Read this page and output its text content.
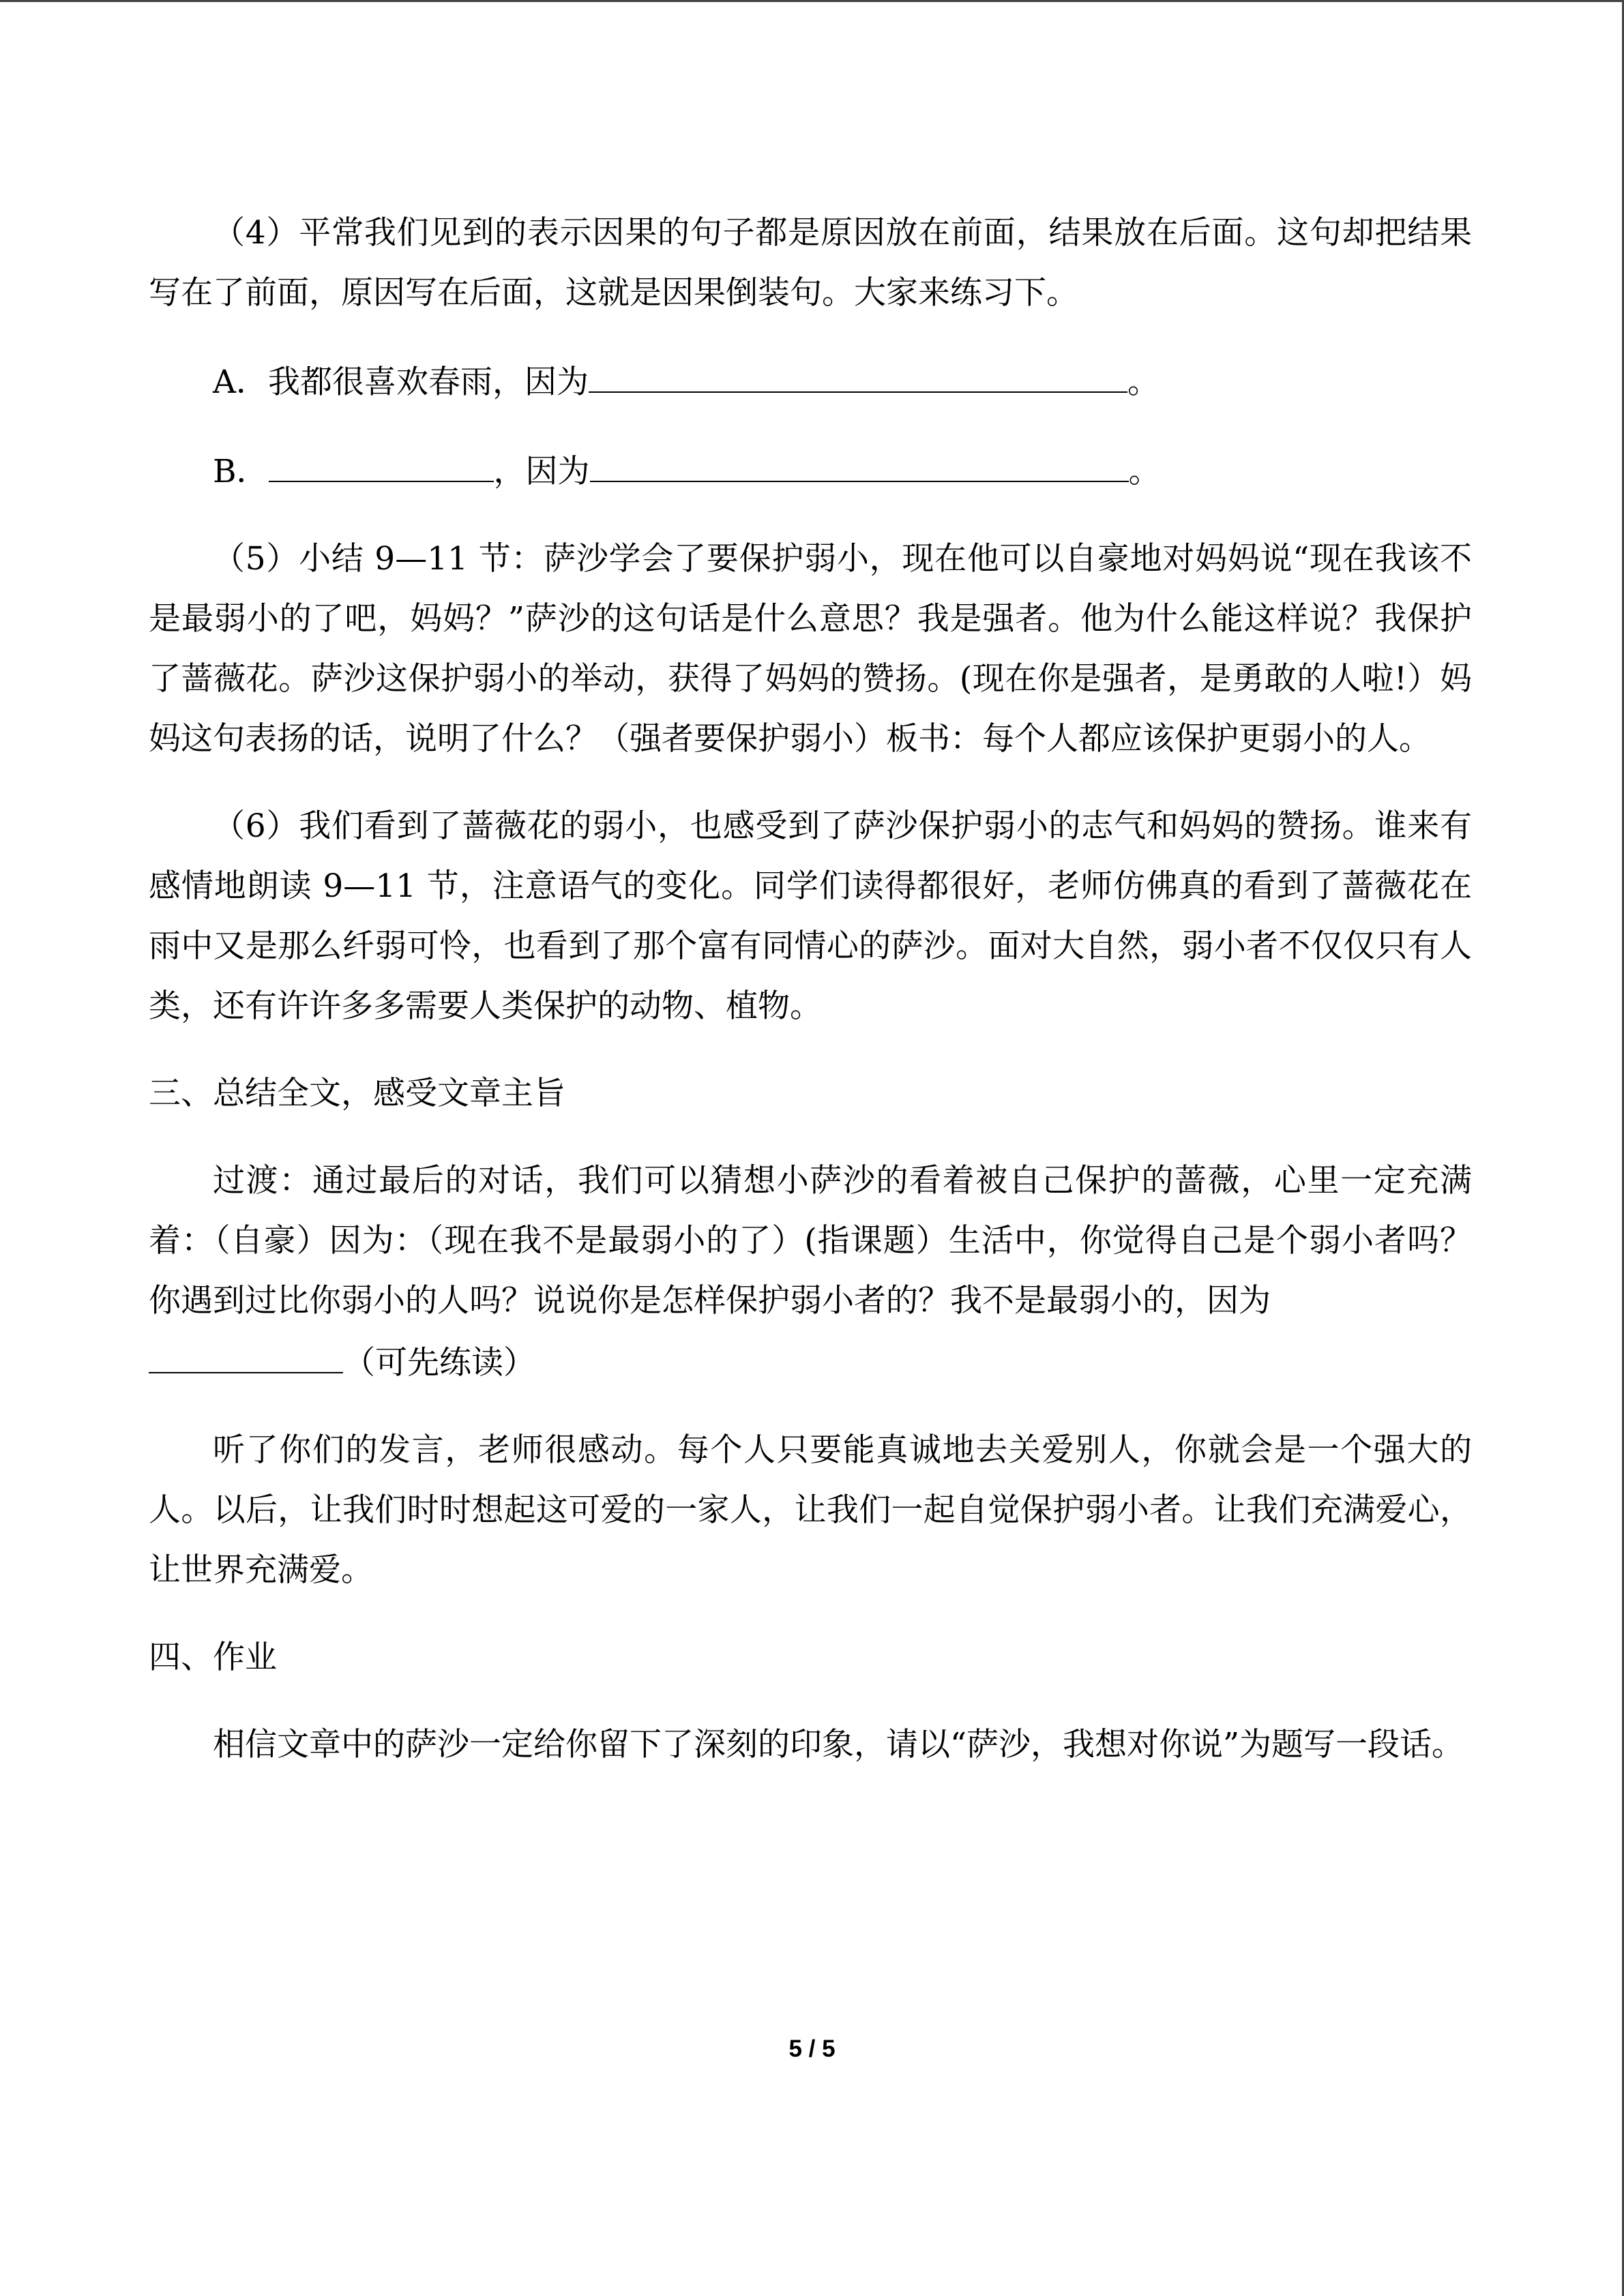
（4）平常我们见到的表示因果的句子都是原因放在前面，结果放在后面。这句却把结果写在了前面，原因写在后面，这就是因果倒装句。大家来练习下。

A．我都很喜欢春雨，因为	。

B．	，因为	。

（5）小结 9—11 节：萨沙学会了要保护弱小，现在他可以自豪地对妈妈说“现在我该不是最弱小的了吧，妈妈？”萨沙的这句话是什么意思？我是强者。他为什么能这样说？我保护了蔷薇花。萨沙这保护弱小的举动，获得了妈妈的赞扬。(现在你是强者，是勇敢的人啦!）妈妈这句表扬的话，说明了什么？（强者要保护弱小）板书：每个人都应该保护更弱小的人。

（6）我们看到了蔷薇花的弱小，也感受到了萨沙保护弱小的志气和妈妈的赞扬。谁来有感情地朗读 9—11 节，注意语气的变化。同学们读得都很好，老师仿佛真的看到了蔷薇花在雨中又是那么纤弱可怜，也看到了那个富有同情心的萨沙。面对大自然，弱小者不仅仅只有人类，还有许许多多需要人类保护的动物、植物。

三、总结全文，感受文章主旨

过渡：通过最后的对话，我们可以猜想小萨沙的看着被自己保护的蔷薇，心里一定充满着：（自豪）因为：（现在我不是最弱小的了）(指课题）生活中，你觉得自己是个弱小者吗？你遇到过比你弱小的人吗？说说你是怎样保护弱小者的？我不是最弱小的，因为
（可先练读）

听了你们的发言，老师很感动。每个人只要能真诚地去关爱别人，你就会是一个强大的人。以后，让我们时时想起这可爱的一家人，让我们一起自觉保护弱小者。让我们充满爱心，让世界充满爱。

四、作业

相信文章中的萨沙一定给你留下了深刻的印象，请以“萨沙，我想对你说”为题写一段话。

5 / 5
